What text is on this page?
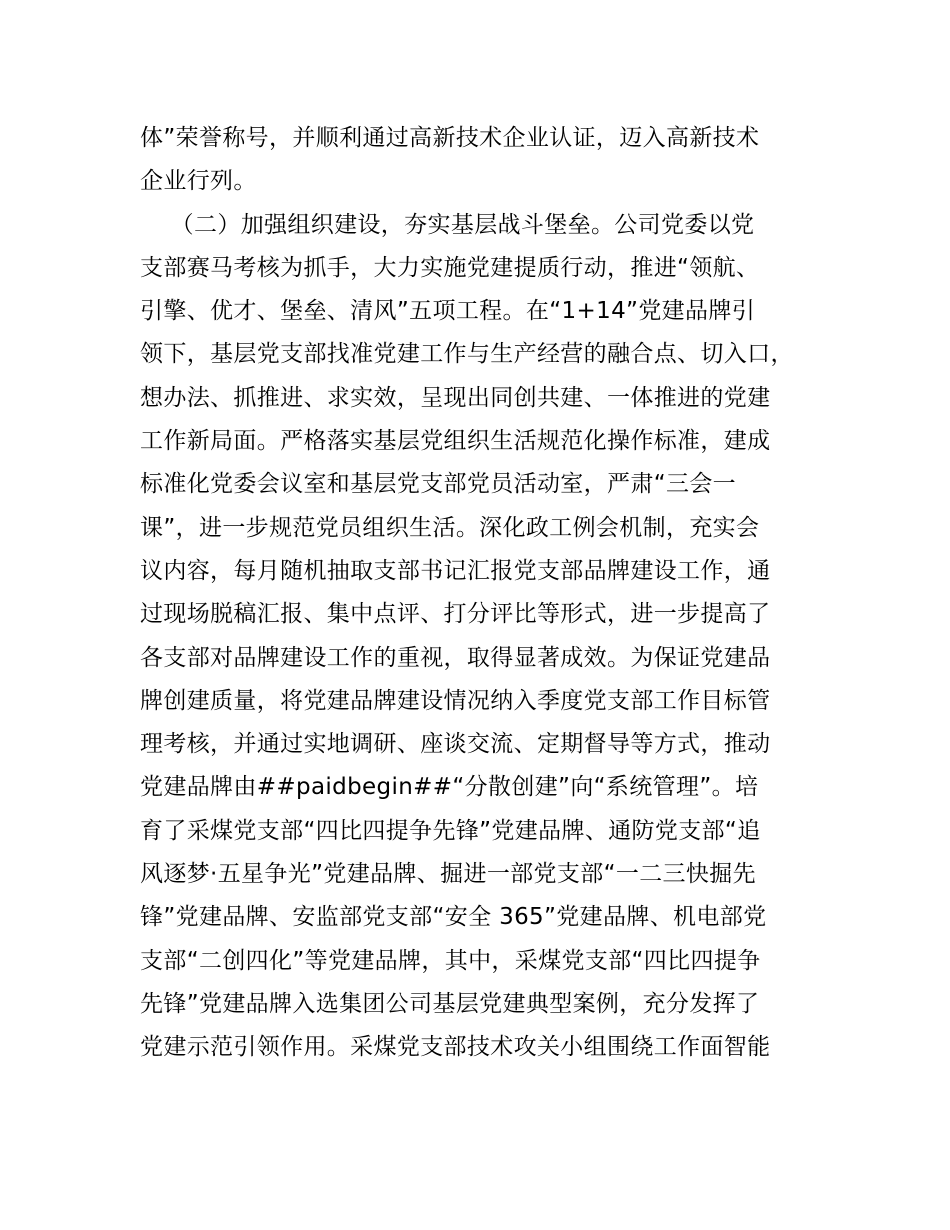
体”荣誉称号，并顺利通过高新技术企业认证，迈入高新技术
企业行列。
（二）加强组织建设，夯实基层战斗堡垒。公司党委以党
支部赛马考核为抓手，大力实施党建提质行动，推进“领航、
引擎、优才、堡垒、清风”五项工程。在“1+14”党建品牌引
领下，基层党支部找准党建工作与生产经营的融合点、切入口，
想办法、抓推进、求实效，呈现出同创共建、一体推进的党建
工作新局面。严格落实基层党组织生活规范化操作标准，建成
标准化党委会议室和基层党支部党员活动室，严肃“三会一
课”，进一步规范党员组织生活。深化政工例会机制，充实会
议内容，每月随机抽取支部书记汇报党支部品牌建设工作，通
过现场脱稿汇报、集中点评、打分评比等形式，进一步提高了
各支部对品牌建设工作的重视，取得显著成效。为保证党建品
牌创建质量，将党建品牌建设情况纳入季度党支部工作目标管
理考核，并通过实地调研、座谈交流、定期督导等方式，推动
党建品牌由##paidbegin##“分散创建”向“系统管理”。培
育了采煤党支部“四比四提争先锋”党建品牌、通防党支部“追
风逐梦·五星争光”党建品牌、掘进一部党支部“一二三快掘先
锋”党建品牌、安监部党支部“安全 365”党建品牌、机电部党
支部“二创四化”等党建品牌，其中，采煤党支部“四比四提争
先锋”党建品牌入选集团公司基层党建典型案例，充分发挥了
党建示范引领作用。采煤党支部技术攻关小组围绕工作面智能
